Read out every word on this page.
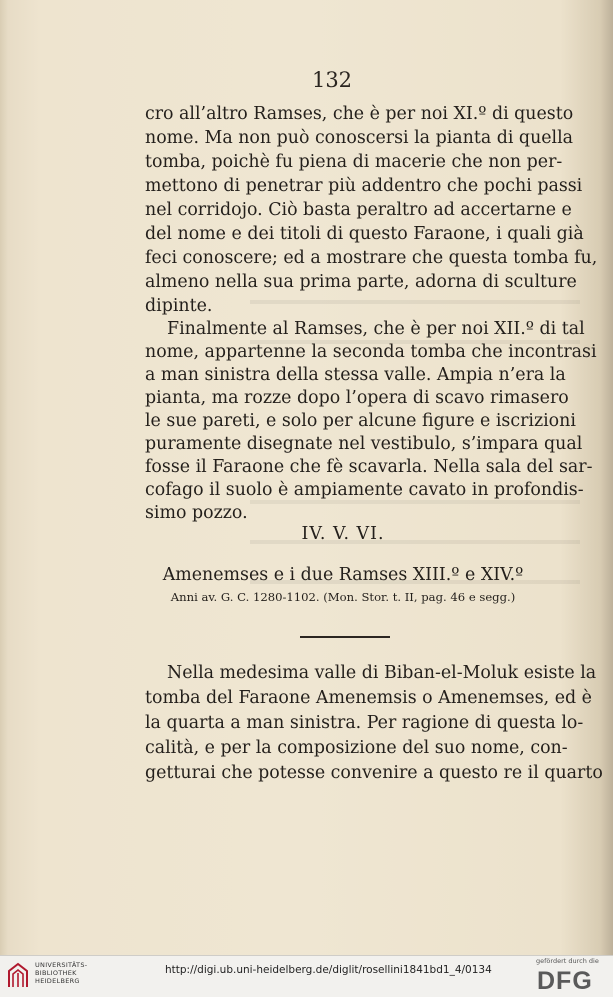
132
cro all’altro Ramses, che è per noi XI.º di questo
nome. Ma non può conoscersi la pianta di quella
tomba, poichè fu piena di macerie che non per-
mettono di penetrar più addentro che pochi passi
nel corridojo. Ciò basta peraltro ad accertarne e
del nome e dei titoli di questo Faraone, i quali già
feci conoscere; ed a mostrare che questa tomba fu,
almeno nella sua prima parte, adorna di sculture
dipinte.
Finalmente al Ramses, che è per noi XII.º di tal
nome, appartenne la seconda tomba che incontrasi
a man sinistra della stessa valle. Ampia n’era la
pianta, ma rozze dopo l’opera di scavo rimasero
le sue pareti, e solo per alcune figure e iscrizioni
puramente disegnate nel vestibulo, s’impara qual
fosse il Faraone che fè scavarla. Nella sala del sar-
cofago il suolo è ampiamente cavato in profondis-
simo pozzo.
IV. V. VI.
Amenemses e i due Ramses XIII.º e XIV.º
Anni av. G. C. 1280-1102. (Mon. Stor. t. II, pag. 46 e segg.)
Nella medesima valle di Biban-el-Moluk esiste la
tomba del Faraone Amenemsis o Amenemses, ed è
la quarta a man sinistra. Per ragione di questa lo-
calità, e per la composizione del suo nome, con-
getturai che potesse convenire a questo re il quarto
UNIVERSITÄTS-
BIBLIOTHEK
HEIDELBERG
http://digi.ub.uni-heidelberg.de/diglit/rosellini1841bd1_4/0134
gefördert durch die
DFG
